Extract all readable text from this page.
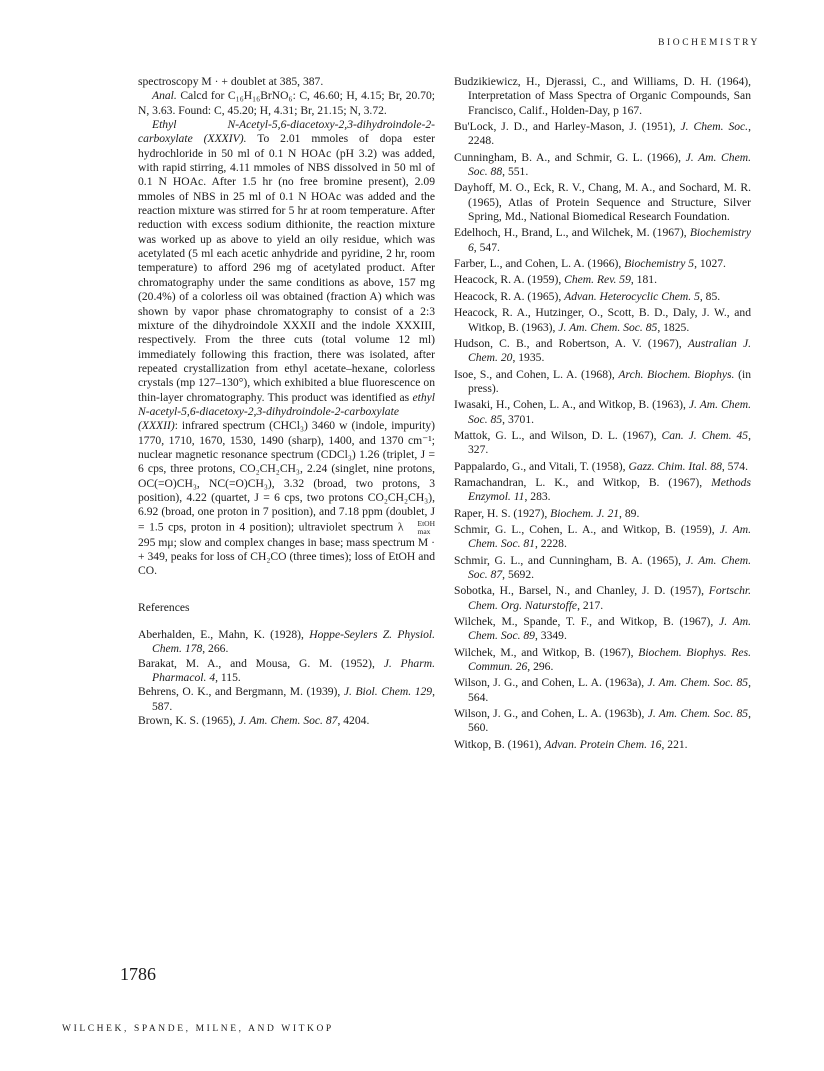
BIOCHEMISTRY

spectroscopy M · + doublet at 385, 387.

Anal. Calcd for C₁₆H₁₆BrNO₆: C, 46.60; H, 4.15; Br, 20.70; N, 3.63. Found: C, 45.20; H, 4.31; Br, 21.15; N, 3.72.

Ethyl N-Acetyl-5,6-diacetoxy-2,3-dihydroindole-2-carboxylate (XXXIV). To 2.01 mmoles of dopa ester hydrochloride in 50 ml of 0.1 N HOAc (pH 3.2) was added, with rapid stirring, 4.11 mmoles of NBS dissolved in 50 ml of 0.1 N HOAc. After 1.5 hr (no free bromine present), 2.09 mmoles of NBS in 25 ml of 0.1 N HOAc was added and the reaction mixture was stirred for 5 hr at room temperature. After reduction with excess sodium dithionite, the reaction mixture was worked up as above to yield an oily residue, which was acetylated (5 ml each acetic anhydride and pyridine, 2 hr, room temperature) to afford 296 mg of acetylated product. After chromatography under the same conditions as above, 157 mg (20.4%) of a colorless oil was obtained (fraction A) which was shown by vapor phase chromatography to consist of a 2:3 mixture of the dihydroindole XXXII and the indole XXXIII, respectively. From the three cuts (total volume 12 ml) immediately following this fraction, there was isolated, after repeated crystallization from ethyl acetate–hexane, colorless crystals (mp 127–130°), which exhibited a blue fluorescence on thin-layer chromatography. This product was identified as ethyl N-acetyl-5,6-diacetoxy-2,3-dihydroindole-2-carboxylate (XXXII): infrared spectrum (CHCl₃) 3460 w (indole, impurity) 1770, 1710, 1670, 1530, 1490 (sharp), 1400, and 1370 cm⁻¹; nuclear magnetic resonance spectrum (CDCl₃) 1.26 (triplet, J = 6 cps, three protons, CO₂CH₂CH₃, 2.24 (singlet, nine protons, OC(=O)CH₃, NC(=O)CH₃), 3.32 (broad, two protons, 3 position), 4.22 (quartet, J = 6 cps, two protons CO₂CH₂CH₃), 6.92 (broad, one proton in 7 position), and 7.18 ppm (doublet, J = 1.5 cps, proton in 4 position); ultraviolet spectrum λ	EtOH
max
295 mμ; slow and complex changes in base; mass spectrum M · + 349, peaks for loss of CH₂CO (three times); loss of EtOH and CO.

References

Aberhalden, E., Mahn, K. (1928), Hoppe-Seylers Z. Physiol. Chem. 178, 266.

Barakat, M. A., and Mousa, G. M. (1952), J. Pharm. Pharmacol. 4, 115.

Behrens, O. K., and Bergmann, M. (1939), J. Biol. Chem. 129, 587.

Brown, K. S. (1965), J. Am. Chem. Soc. 87, 4204.

Budzikiewicz, H., Djerassi, C., and Williams, D. H. (1964), Interpretation of Mass Spectra of Organic Compounds, San Francisco, Calif., Holden-Day, p 167.

Bu'Lock, J. D., and Harley-Mason, J. (1951), J. Chem. Soc., 2248.

Cunningham, B. A., and Schmir, G. L. (1966), J. Am. Chem. Soc. 88, 551.

Dayhoff, M. O., Eck, R. V., Chang, M. A., and Sochard, M. R. (1965), Atlas of Protein Sequence and Structure, Silver Spring, Md., National Biomedical Research Foundation.

Edelhoch, H., Brand, L., and Wilchek, M. (1967), Biochemistry 6, 547.

Farber, L., and Cohen, L. A. (1966), Biochemistry 5, 1027.

Heacock, R. A. (1959), Chem. Rev. 59, 181.

Heacock, R. A. (1965), Advan. Heterocyclic Chem. 5, 85.

Heacock, R. A., Hutzinger, O., Scott, B. D., Daly, J. W., and Witkop, B. (1963), J. Am. Chem. Soc. 85, 1825.

Hudson, C. B., and Robertson, A. V. (1967), Australian J. Chem. 20, 1935.

Isoe, S., and Cohen, L. A. (1968), Arch. Biochem. Biophys. (in press).

Iwasaki, H., Cohen, L. A., and Witkop, B. (1963), J. Am. Chem. Soc. 85, 3701.

Mattok, G. L., and Wilson, D. L. (1967), Can. J. Chem. 45, 327.

Pappalardo, G., and Vitali, T. (1958), Gazz. Chim. Ital. 88, 574.

Ramachandran, L. K., and Witkop, B. (1967), Methods Enzymol. 11, 283.

Raper, H. S. (1927), Biochem. J. 21, 89.

Schmir, G. L., Cohen, L. A., and Witkop, B. (1959), J. Am. Chem. Soc. 81, 2228.

Schmir, G. L., and Cunningham, B. A. (1965), J. Am. Chem. Soc. 87, 5692.

Sobotka, H., Barsel, N., and Chanley, J. D. (1957), Fortschr. Chem. Org. Naturstoffe, 217.

Wilchek, M., Spande, T. F., and Witkop, B. (1967), J. Am. Chem. Soc. 89, 3349.

Wilchek, M., and Witkop, B. (1967), Biochem. Biophys. Res. Commun. 26, 296.

Wilson, J. G., and Cohen, L. A. (1963a), J. Am. Chem. Soc. 85, 564.

Wilson, J. G., and Cohen, L. A. (1963b), J. Am. Chem. Soc. 85, 560.

Witkop, B. (1961), Advan. Protein Chem. 16, 221.

1786
WILCHEK, SPANDE, MILNE, AND WITKOP
